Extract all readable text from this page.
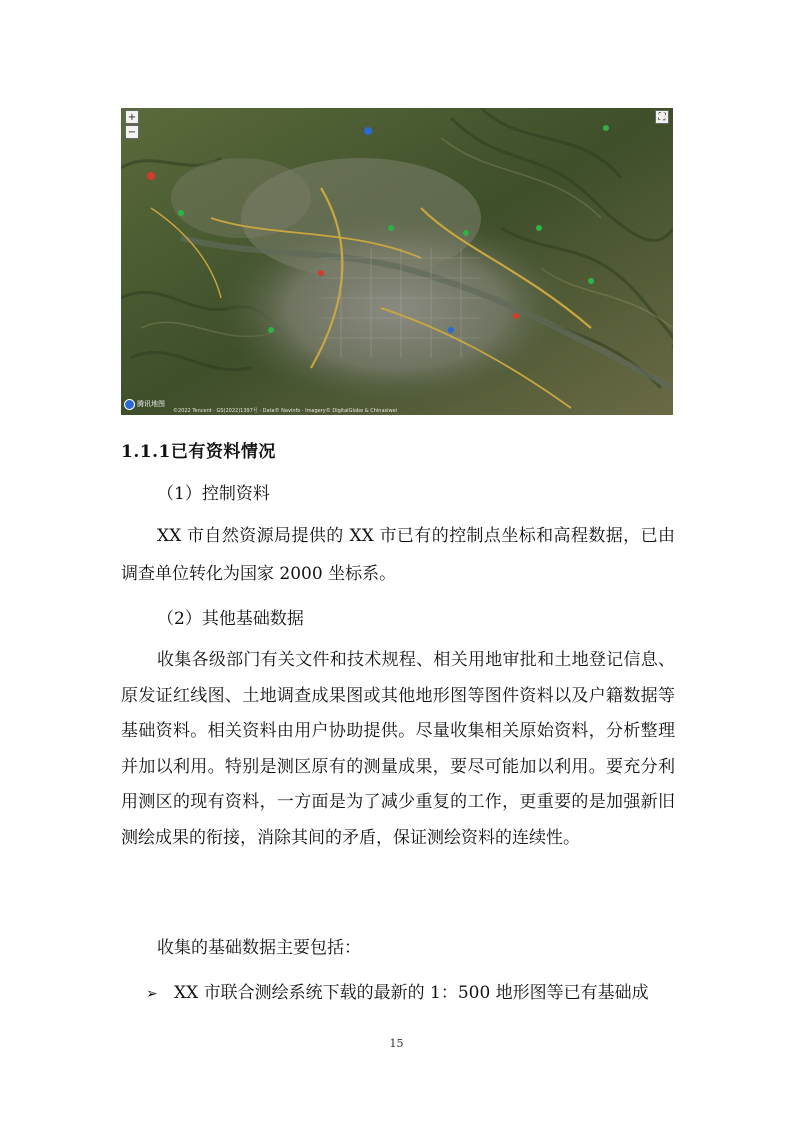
+
−
⛶
腾讯地图
©2022 Tencent · GS(2022)1397号 · Data© Navinfo · Imagery© DigitalGlobe & Chinasiwei
1.1.1已有资料情况

（1）控制资料

XX 市自然资源局提供的 XX 市已有的控制点坐标和高程数据，已由调查单位转化为国家 2000 坐标系。

（2）其他基础数据

收集各级部门有关文件和技术规程、相关用地审批和土地登记信息、原发证红线图、土地调查成果图或其他地形图等图件资料以及户籍数据等基础资料。相关资料由用户协助提供。尽量收集相关原始资料，分析整理并加以利用。特别是测区原有的测量成果，要尽可能加以利用。要充分利用测区的现有资料，一方面是为了减少重复的工作，更重要的是加强新旧测绘成果的衔接，消除其间的矛盾，保证测绘资料的连续性。

收集的基础数据主要包括：

➢ XX 市联合测绘系统下载的最新的 1：500 地形图等已有基础成
15
